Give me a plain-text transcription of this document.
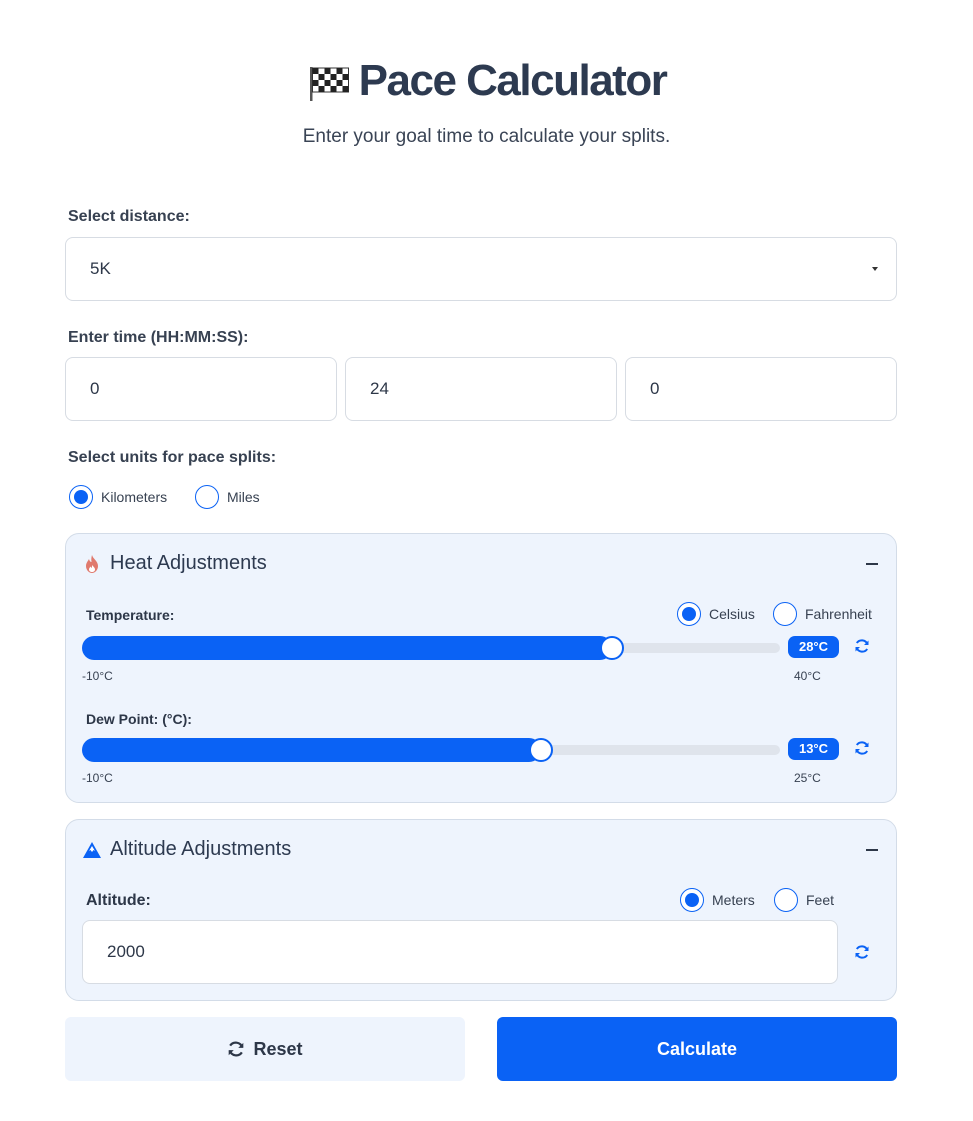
Pace Calculator
Enter your goal time to calculate your splits.
Select distance:
5K
Enter time (HH:MM:SS):
0	24	0
Select units for pace splits:
Kilometers	Miles
Heat Adjustments
Temperature:	Celsius	Fahrenheit
28°C
-10°C	40°C
Dew Point: (°C):
13°C
-10°C	25°C
Altitude Adjustments
Altitude:	Meters	Feet
2000
Reset	Calculate
